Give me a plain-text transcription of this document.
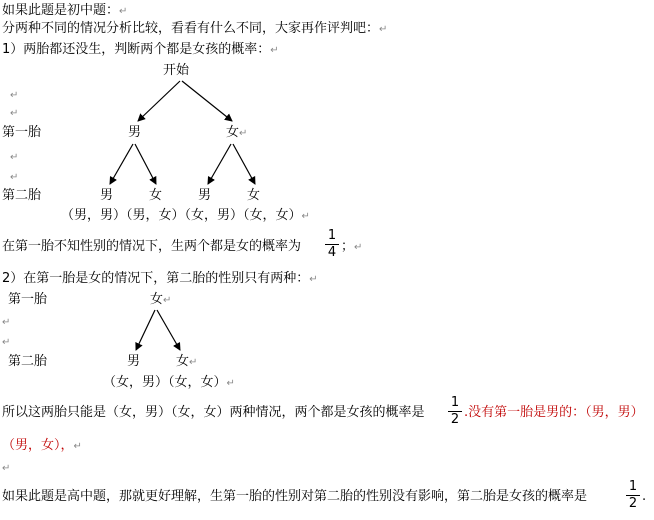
如果此题是初中题：↵
分两种不同的情况分析比较，看看有什么不同，大家再作评判吧：↵
1）两胎都还没生，判断两个都是女孩的概率：↵
开始
↵
↵
第一胎	男	女↵
↵
↵
第二胎	男	女	男	女
（男，男）（男，女）（女，男）（女，女）↵
在第一胎不知性别的情况下，生两个都是女的概率为
1
4 ；↵
2）在第一胎是女的情况下，第二胎的性别只有两种：↵
第一胎	女↵
↵
↵
第二胎	男	女↵
（女，男）（女，女）↵
所以这两胎只能是（女，男）（女，女）两种情况，两个都是女孩的概率是
1
2 .没有第一胎是男的：（男，男）
（男，女），↵
↵
如果此题是高中题，那就更好理解，生第一胎的性别对第二胎的性别没有影响，第二胎是女孩的概率是
1
2 .
